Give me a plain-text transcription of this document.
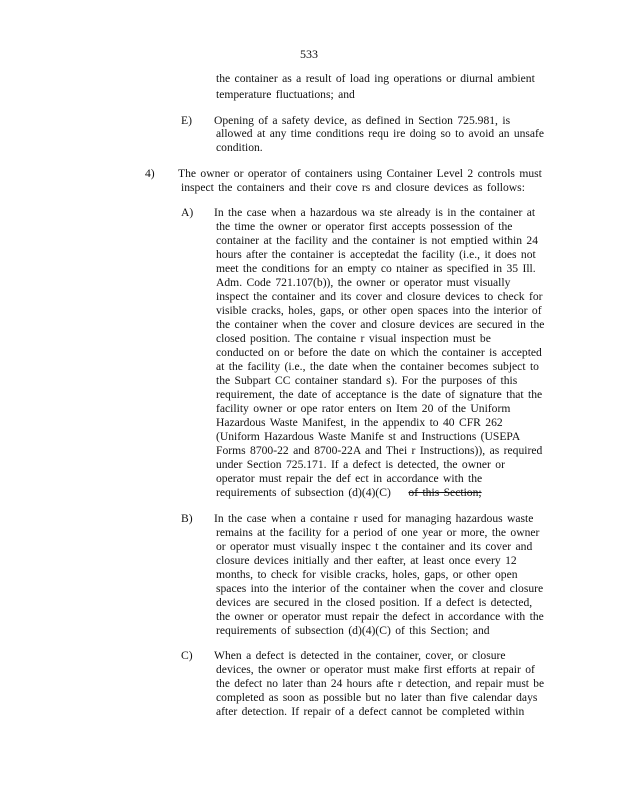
533
the container as a result of load ing operations or diurnal ambient
temperature fluctuations; and
E) Opening of a safety device, as defined in Section 725.981, is
allowed at any time conditions requ ire doing so to avoid an unsafe
condition.
4) The owner or operator of containers using Container Level 2 controls must
inspect the containers and their cove rs and closure devices as follows:
A) In the case when a hazardous wa ste already is in the container at
the time the owner or operator first accepts possession of the
container at the facility and the container is not emptied within 24
hours after the container is acceptedat the facility (i.e., it does not
meet the conditions for an empty co ntainer as specified in 35 Ill.
Adm. Code 721.107(b)), the owner or operator must visually
inspect the container and its cover and closure devices to check for
visible cracks, holes, gaps, or other open spaces into the interior of
the container when the cover and closure devices are secured in the
closed position. The containe r visual inspection must be
conducted on or before the date on which the container is accepted
at the facility (i.e., the date when the container becomes subject to
the Subpart CC container standard s). For the purposes of this
requirement, the date of acceptance is the date of signature that the
facility owner or ope rator enters on Item 20 of the Uniform
Hazardous Waste Manifest, in the appendix to 40 CFR 262
(Uniform Hazardous Waste Manife st and Instructions (USEPA
Forms 8700-22 and 8700-22A and Thei r Instructions)), as required
under Section 725.171. If a defect is detected, the owner or
operator must repair the def ect in accordance with the
requirements of subsection (d)(4)(C) of this Section;
B) In the case when a containe r used for managing hazardous waste
remains at the facility for a period of one year or more, the owner
or operator must visually inspec t the container and its cover and
closure devices initially and ther eafter, at least once every 12
months, to check for visible cracks, holes, gaps, or other open
spaces into the interior of the container when the cover and closure
devices are secured in the closed position. If a defect is detected,
the owner or operator must repair the defect in accordance with the
requirements of subsection (d)(4)(C) of this Section; and
C) When a defect is detected in the container, cover, or closure
devices, the owner or operator must make first efforts at repair of
the defect no later than 24 hours afte r detection, and repair must be
completed as soon as possible but no later than five calendar days
after detection. If repair of a defect cannot be completed within
